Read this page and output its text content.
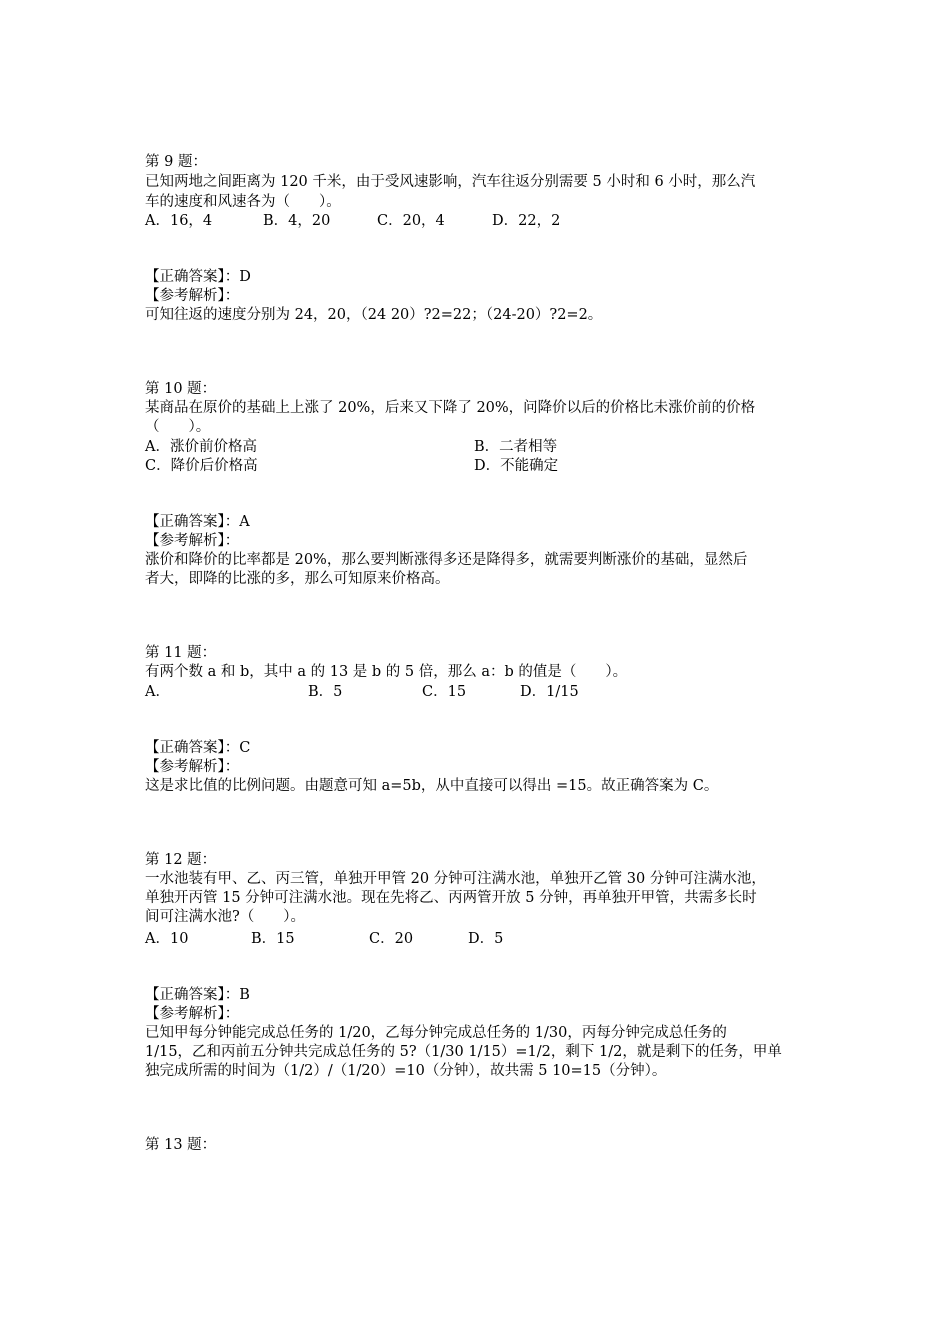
第 9 题：
已知两地之间距离为 120 千米，由于受风速影响，汽车往返分别需要 5 小时和 6 小时，那么汽
车的速度和风速各为（　　）。
A．16，4	B．4，20	C．20，4	D．22，2
【正确答案】：D
【参考解析】：
可知往返的速度分别为 24，20，（24 20）?2=22；（24-20）?2=2。
第 10 题：
某商品在原价的基础上上涨了 20%，后来又下降了 20%，问降价以后的价格比未涨价前的价格
（　　）。
A．涨价前价格高	B．二者相等
C．降价后价格高	D．不能确定
【正确答案】：A
【参考解析】：
涨价和降价的比率都是 20%，那么要判断涨得多还是降得多，就需要判断涨价的基础，显然后
者大，即降的比涨的多，那么可知原来价格高。
第 11 题：
有两个数 a 和 b，其中 a 的 13 是 b 的 5 倍，那么 a：b 的值是（　　）。
A．	B．5	C．15	D．1/15
【正确答案】：C
【参考解析】：
这是求比值的比例问题。由题意可知 a=5b，从中直接可以得出 =15。故正确答案为 C。
第 12 题：
一水池装有甲、乙、丙三管，单独开甲管 20 分钟可注满水池，单独开乙管 30 分钟可注满水池，
单独开丙管 15 分钟可注满水池。现在先将乙、丙两管开放 5 分钟，再单独开甲管，共需多长时
间可注满水池?（　　）。
A．10	B．15	C．20	D．5
【正确答案】：B
【参考解析】：
已知甲每分钟能完成总任务的 1/20，乙每分钟完成总任务的 1/30，丙每分钟完成总任务的
1/15，乙和丙前五分钟共完成总任务的 5?（1/30 1/15）=1/2，剩下 1/2，就是剩下的任务，甲单
独完成所需的时间为（1/2）/（1/20）=10（分钟），故共需 5 10=15（分钟）。
第 13 题：
